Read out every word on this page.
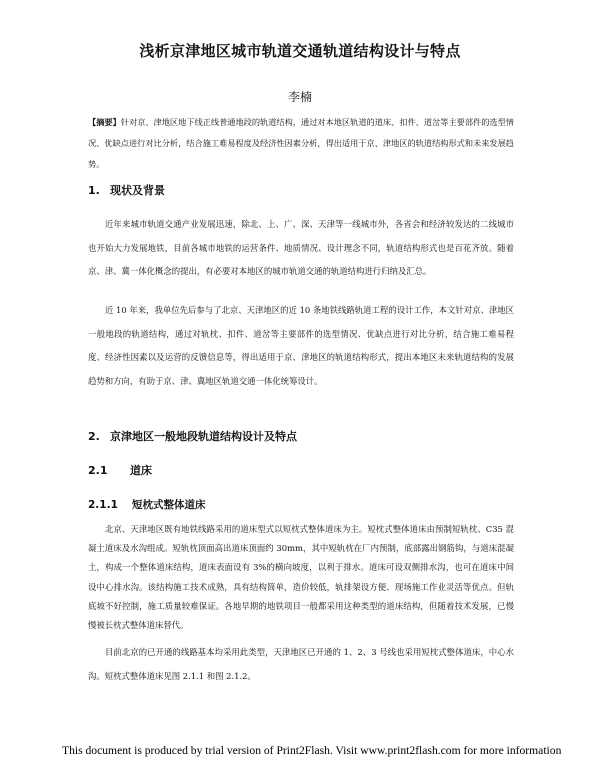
浅析京津地区城市轨道交通轨道结构设计与特点
李楠
【摘要】针对京、津地区地下线正线普通地段的轨道结构，通过对本地区轨道的道床、扣件、道岔等主要部件的选型情况、优缺点进行对比分析，结合施工难易程度及经济性因素分析，得出适用于京、津地区的轨道结构形式和未来发展趋势。
1. 现状及背景

近年来城市轨道交通产业发展迅速，除北、上、广、深、天津等一线城市外，各省会和经济较发达的二线城市也开始大力发展地铁，目前各城市地铁的运营条件、地质情况、设计理念不同，轨道结构形式也是百花齐放。随着京、津、冀一体化概念的提出，有必要对本地区的城市轨道交通的轨道结构进行归纳及汇总。

近 10 年来，我单位先后参与了北京、天津地区的近 10 条地铁线路轨道工程的设计工作，本文针对京、津地区一般地段的轨道结构，通过对轨枕、扣件、道岔等主要部件的选型情况、优缺点进行对比分析，结合施工难易程度、经济性因素以及运营的反馈信息等，得出适用于京、津地区的轨道结构形式，提出本地区未来轨道结构的发展趋势和方向，有助于京、津、冀地区轨道交通一体化统筹设计。

2. 京津地区一般地段轨道结构设计及特点
2.1 道床
2.1.1 短枕式整体道床

北京、天津地区既有地铁线路采用的道床型式以短枕式整体道床为主。短枕式整体道床由预制短轨枕、C35 混凝土道床及水沟组成。短轨枕顶面高出道床顶面约 30mm，其中短轨枕在厂内预制，底部露出钢筋钩，与道床混凝土，构成一个整体道床结构，道床表面设有 3%的横向坡度，以利于排水。道床可设双侧排水沟，也可在道床中间设中心排水沟。该结构施工技术成熟，具有结构简单，造价较低，轨排架设方便、现场施工作业灵活等优点。但轨底坡不好控制，施工质量较难保证。各地早期的地铁项目一般都采用这种类型的道床结构，但随着技术发展，已慢慢被长枕式整体道床替代。

目前北京的已开通的线路基本均采用此类型，天津地区已开通的 1、2、3 号线也采用短枕式整体道床，中心水沟。短枕式整体道床见图 2.1.1 和图 2.1.2。

This document is produced by trial version of Print2Flash. Visit www.print2flash.com for more information
